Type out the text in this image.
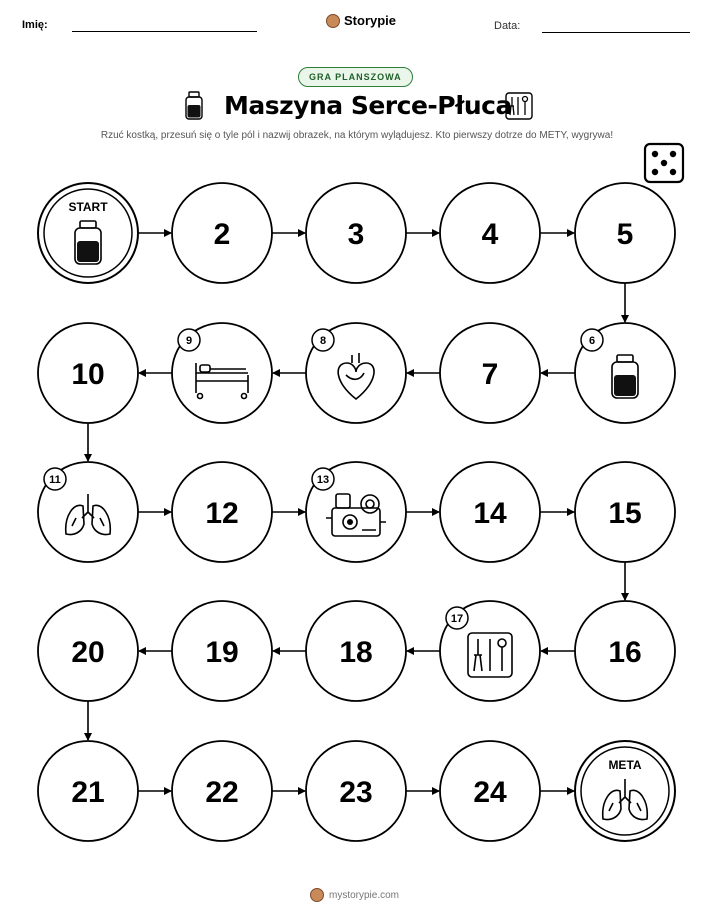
Imię:	Storypie	Data:
GRA PLANSZOWA
Maszyna Serce-Płuca
Rzuć kostką, przesuń się o tyle pól i nazwij obrazek, na którym wylądujesz. Kto pierwszy dotrze do METY, wygrywa!
START
2	3	4	5
6
7
8
9
10
11
12
13
14	15
16
17
18
19
20
21	22	23	24
META
mystorypie.com
